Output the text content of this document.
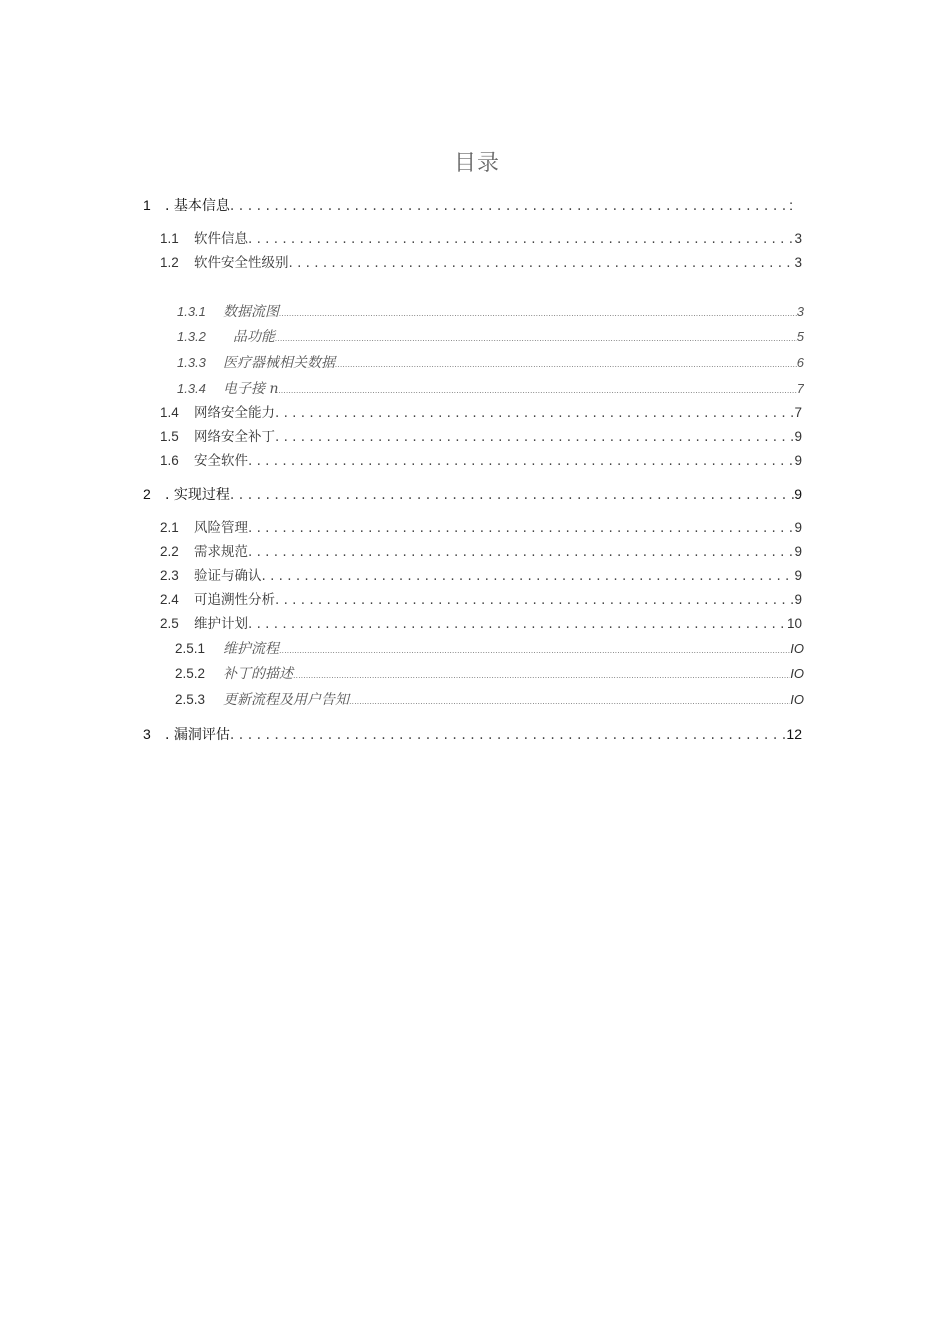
目录
1	. 基本信息 . . .	:
1.1	软件信息 . . .	3
1.2	软件安全性级别 . . .	3
1.3.1	数据流图 .....	3
1.3.2	品功能 .....	5
1.3.3	医疗器械相关数据 .....	6
1.3.4	电子接 n .....	7
1.4	网络安全能力 . . .	7
1.5	网络安全补丁 . . .	9
1.6	安全软件 . . .	9
2	. 实现过程 . . .	9
2.1	风险管理 . . .	9
2.2	需求规范 . . .	9
2.3	验证与确认 . . .	9
2.4	可追溯性分析 . . .	9
2.5	维护计划 . . .	10
2.5.1	维护流程 .....	IO
2.5.2	补丁的描述 .....	IO
2.5.3	更新流程及用户告知 .....	IO
3	. 漏洞评估 . . .	12
